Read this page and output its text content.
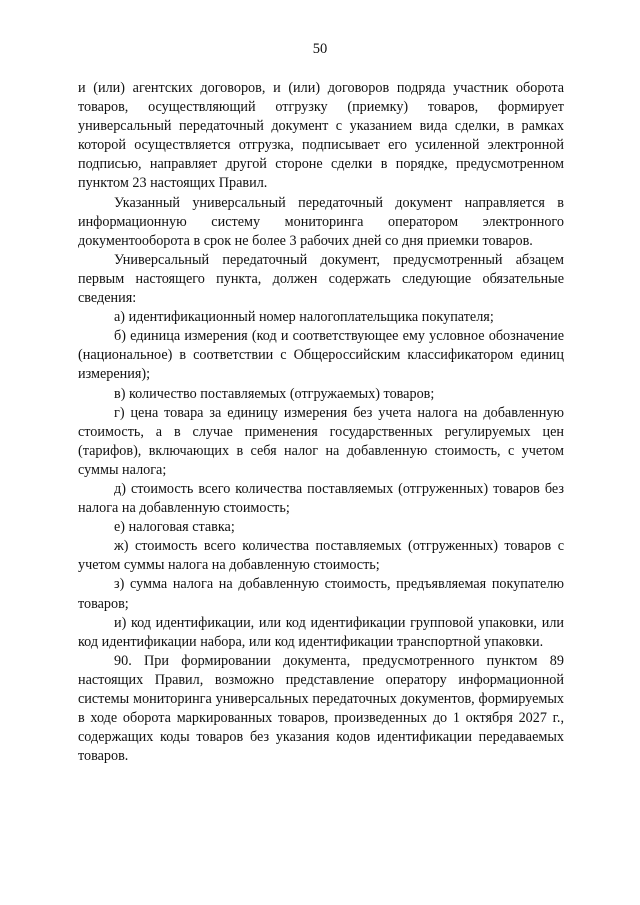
50

и (или) агентских договоров, и (или) договоров подряда участник оборота товаров, осуществляющий отгрузку (приемку) товаров, формирует универсальный передаточный документ с указанием вида сделки, в рамках которой осуществляется отгрузка, подписывает его усиленной электронной подписью, направляет другой стороне сделки в порядке, предусмотренном пунктом 23 настоящих Правил.

Указанный универсальный передаточный документ направляется в информационную систему мониторинга оператором электронного документооборота в срок не более 3 рабочих дней со дня приемки товаров.

Универсальный передаточный документ, предусмотренный абзацем первым настоящего пункта, должен содержать следующие обязательные сведения:

а) идентификационный номер налогоплательщика покупателя;

б) единица измерения (код и соответствующее ему условное обозначение (национальное) в соответствии с Общероссийским классификатором единиц измерения);

в) количество поставляемых (отгружаемых) товаров;

г) цена товара за единицу измерения без учета налога на добавленную стоимость, а в случае применения государственных регулируемых цен (тарифов), включающих в себя налог на добавленную стоимость, с учетом суммы налога;

д) стоимость всего количества поставляемых (отгруженных) товаров без налога на добавленную стоимость;

е) налоговая ставка;

ж) стоимость всего количества поставляемых (отгруженных) товаров с учетом суммы налога на добавленную стоимость;

з) сумма налога на добавленную стоимость, предъявляемая покупателю товаров;

и) код идентификации, или код идентификации групповой упаковки, или код идентификации набора, или код идентификации транспортной упаковки.

90. При формировании документа, предусмотренного пунктом 89 настоящих Правил, возможно представление оператору информационной системы мониторинга универсальных передаточных документов, формируемых в ходе оборота маркированных товаров, произведенных до 1 октября 2027 г., содержащих коды товаров без указания кодов идентификации передаваемых товаров.
